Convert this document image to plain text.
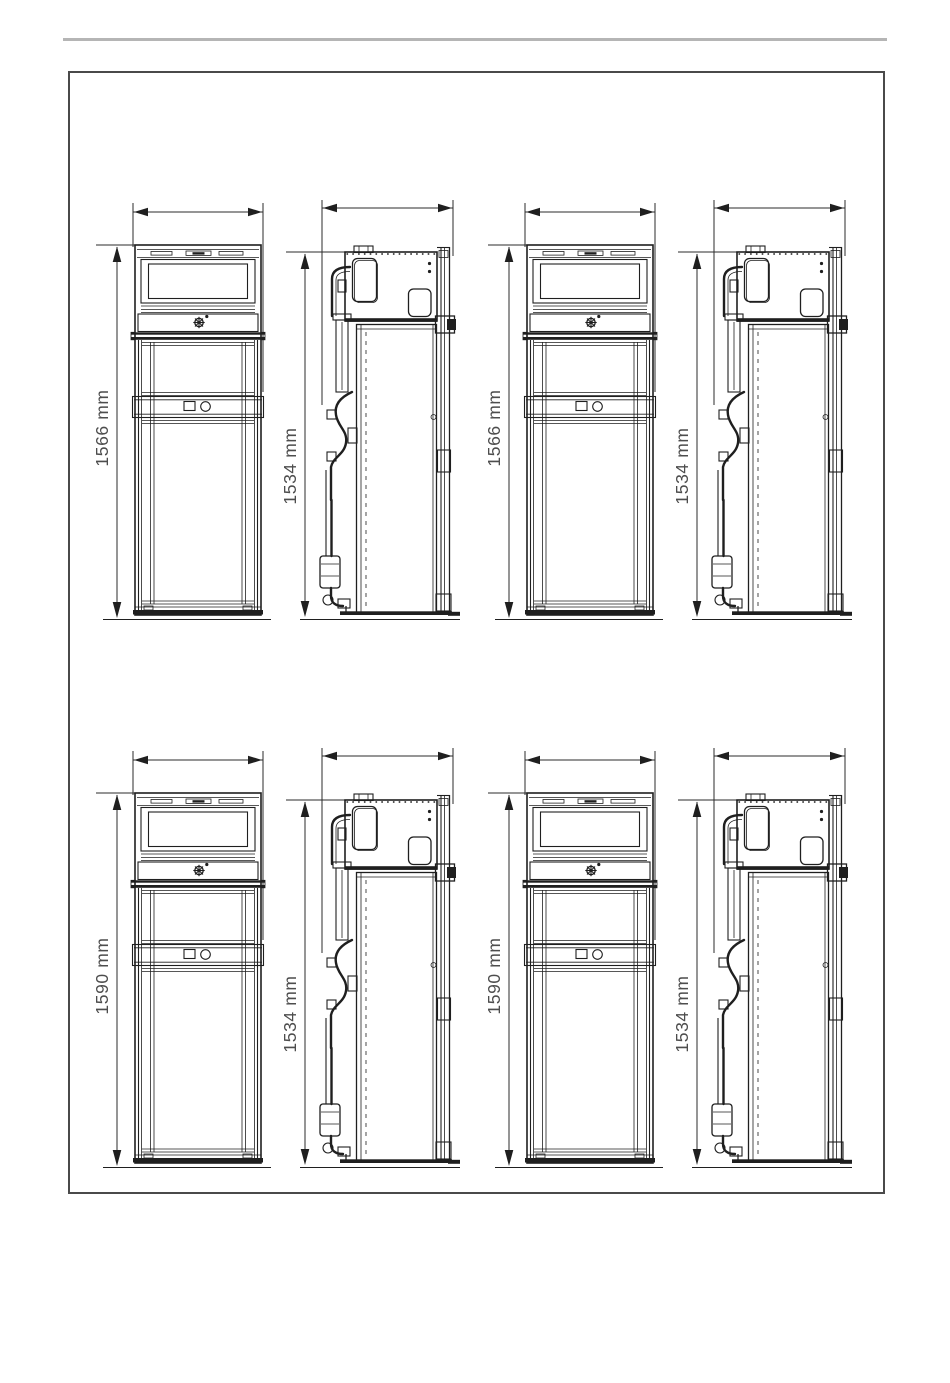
1566 mm	1534 mm	1566 mm	1534 mm
1590 mm	1534 mm	1590 mm	1534 mm
